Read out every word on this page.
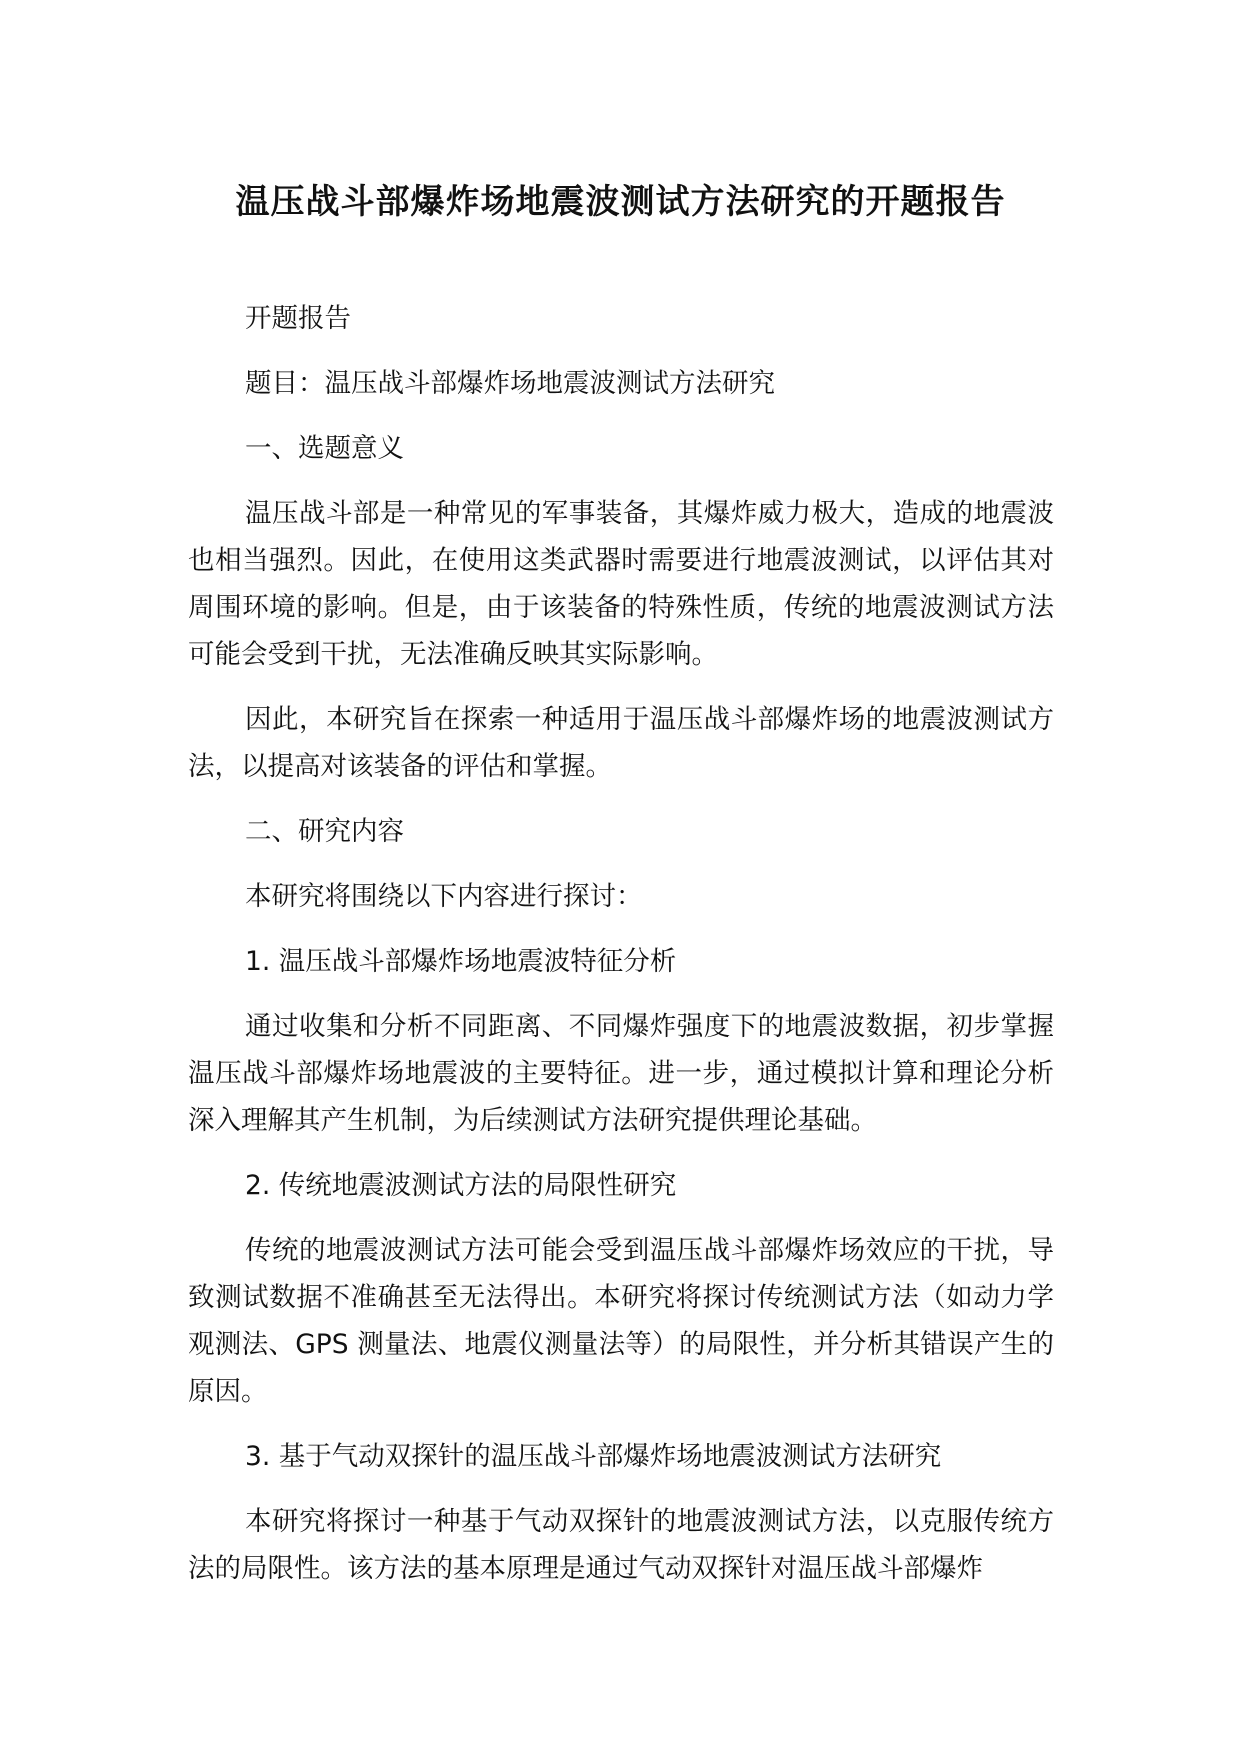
温压战斗部爆炸场地震波测试方法研究的开题报告

开题报告

题目：温压战斗部爆炸场地震波测试方法研究

一、选题意义

温压战斗部是一种常见的军事装备，其爆炸威力极大，造成的地震波也相当强烈。因此，在使用这类武器时需要进行地震波测试，以评估其对周围环境的影响。但是，由于该装备的特殊性质，传统的地震波测试方法可能会受到干扰，无法准确反映其实际影响。

因此，本研究旨在探索一种适用于温压战斗部爆炸场的地震波测试方法，以提高对该装备的评估和掌握。

二、研究内容

本研究将围绕以下内容进行探讨：

1. 温压战斗部爆炸场地震波特征分析

通过收集和分析不同距离、不同爆炸强度下的地震波数据，初步掌握温压战斗部爆炸场地震波的主要特征。进一步，通过模拟计算和理论分析深入理解其产生机制，为后续测试方法研究提供理论基础。

2. 传统地震波测试方法的局限性研究

传统的地震波测试方法可能会受到温压战斗部爆炸场效应的干扰，导致测试数据不准确甚至无法得出。本研究将探讨传统测试方法（如动力学观测法、GPS 测量法、地震仪测量法等）的局限性，并分析其错误产生的原因。

3. 基于气动双探针的温压战斗部爆炸场地震波测试方法研究

本研究将探讨一种基于气动双探针的地震波测试方法，以克服传统方法的局限性。该方法的基本原理是通过气动双探针对温压战斗部爆炸
